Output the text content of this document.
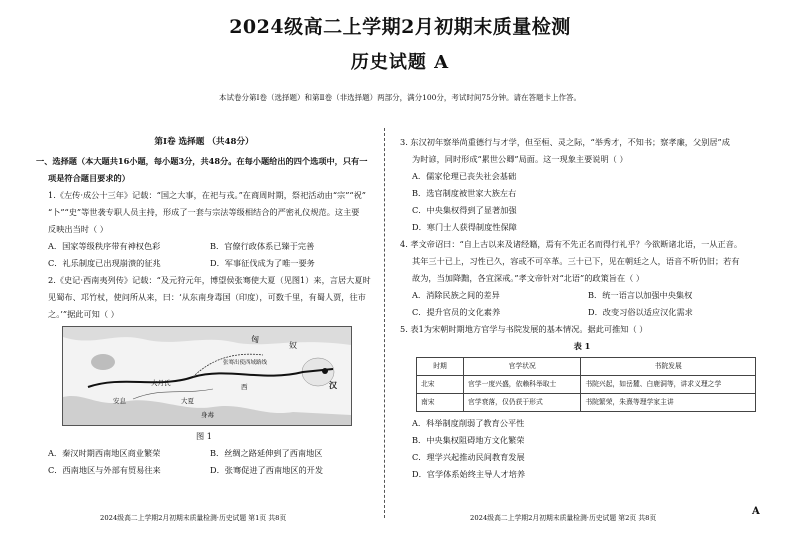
2024级高二上学期2月初期末质量检测
历史试题 A
本试卷分第Ⅰ卷（选择题）和第Ⅱ卷（非选择题）两部分，满分100分，考试时间75分钟。请在答题卡上作答。
第Ⅰ卷 选择题 （共48分）

一、选择题（本大题共16小题，每小题3分，共48分。在每小题给出的四个选项中，只有一

项是符合题目要求的）

1.《左传·成公十三年》记载：“国之大事，在祀与戎。”在商周时期，祭祀活动由“宗”“祝”

“卜”“史”等世袭专职人员主持，形成了一套与宗法等级相结合的严密礼仪规范。这主要

反映出当时（ ）

A．国家等级秩序带有神权色彩	B．官僚行政体系已臻于完善

C．礼乐制度已出现崩溃的征兆	D．军事征伐成为了唯一要务

2.《史记·西南夷列传》记载：“及元狩元年，博望侯张骞使大夏（见图1）来，言居大夏时

见蜀布、邛竹杖，使问所从来，曰：‘从东南身毒国（印度），可数千里，有蜀人贾，往市

之。’”据此可知（ ）

匈
奴
大月氏
安息	大夏
身毒
西	汉
张骞出使西域路线
图 1

A．秦汉时期西南地区商业繁荣	B．丝绸之路延伸到了西南地区

C．西南地区与外部有贸易往来	D．张骞促进了西南地区的开发

3. 东汉初年察举尚重德行与才学，但至桓、灵之际，“举秀才，不知书；察孝廉，父别居”成

为时谚，同时形成“累世公卿”局面。这一现象主要说明（ ）

A．儒家伦理已丧失社会基础

B．选官制度被世家大族左右

C．中央集权得到了显著加强

D．寒门士人获得制度性保障

4. 孝文帝诏曰：“自上古以来及诸经籍，焉有不先正名而得行礼乎？今欲断诸北语，一从正音。

其年三十已上，习性已久，容或不可卒革。三十已下，见在朝廷之人，语音不听仍旧；若有

故为，当加降黜，各宜深戒。”孝文帝针对“北语”的政策旨在（ ）

A．消除民族之间的差异	B．统一语言以加强中央集权

C．提升官员的文化素养	D．改变习俗以适应汉化需求

5. 表1为宋朝时期地方官学与书院发展的基本情况。据此可推知（ ）

表 1
时期	官学状况	书院发展
北宋	官学一度兴盛，依赖科举取士	书院兴起，如岳麓、白鹿洞等，讲求义理之学
南宋	官学衰落，仅仍获于形式	书院繁荣，朱熹等理学家主讲

A．科举制度削弱了教育公平性

B．中央集权阻碍地方文化繁荣

C．理学兴起推动民间教育发展

D．官学体系始终主导人才培养

2024级高二上学期2月初期末质量检测·历史试题 第1页 共8页	2024级高二上学期2月初期末质量检测·历史试题 第2页 共8页
A
